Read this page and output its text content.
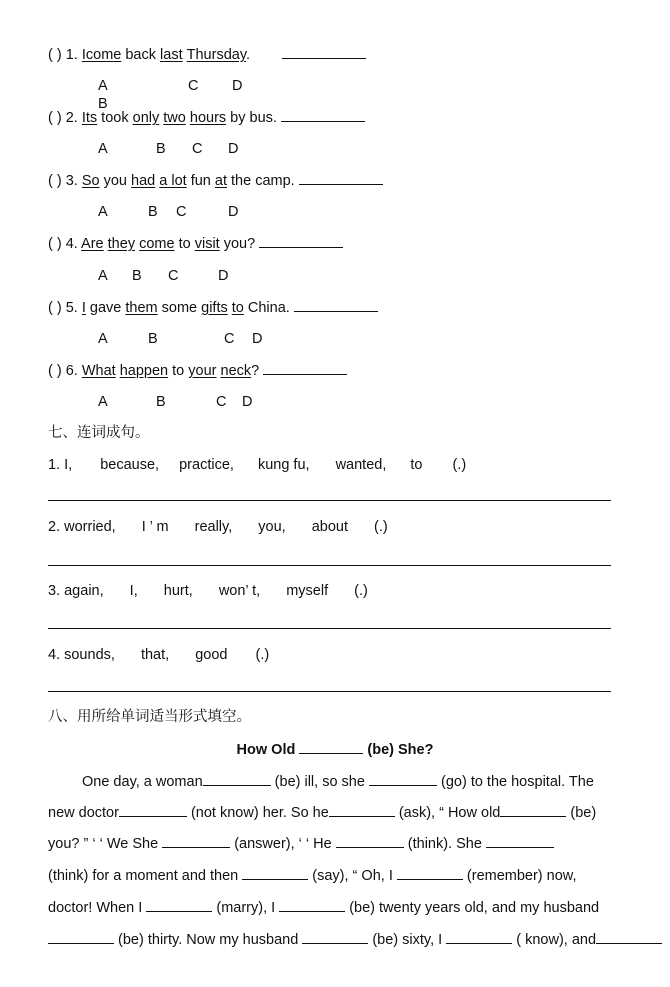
( ) 1. Icome back last Thursday.
A B
C D
( ) 2. Its took only two hours by bus.
A	B C D
( ) 3. So you had a lot fun at the camp.
A	B C	D
( ) 4. Are they come to visit you?
A B C	D
( ) 5. I gave them some gifts to China.
A	B	C D
( ) 6. What happen to your neck?
A	B	C D
七、连词成句。
1. I, because, practice, kung fu, wanted, to (.)
2. worried, I ’ m really, you, about (.)
3. again, I, hurt, won’ t, myself (.)
4. sounds, that, good (.)
八、用所给单词适当形式填空。
How Old	(be) She?
One day, a woman	(be) ill, so she	(go) to the hospital. The
new doctor	(not know) her. So he	(ask), “ How old	(be)
you? ” ‘ ‘ We She	(answer), ‘ ‘ He	(think). She
(think) for a moment and then	(say), “ Oh, I	(remember) now,
doctor! When I	(marry), I	(be) twenty years old, and my husband
(be) thirty. Now my husband	(be) sixty, I	( know), and
